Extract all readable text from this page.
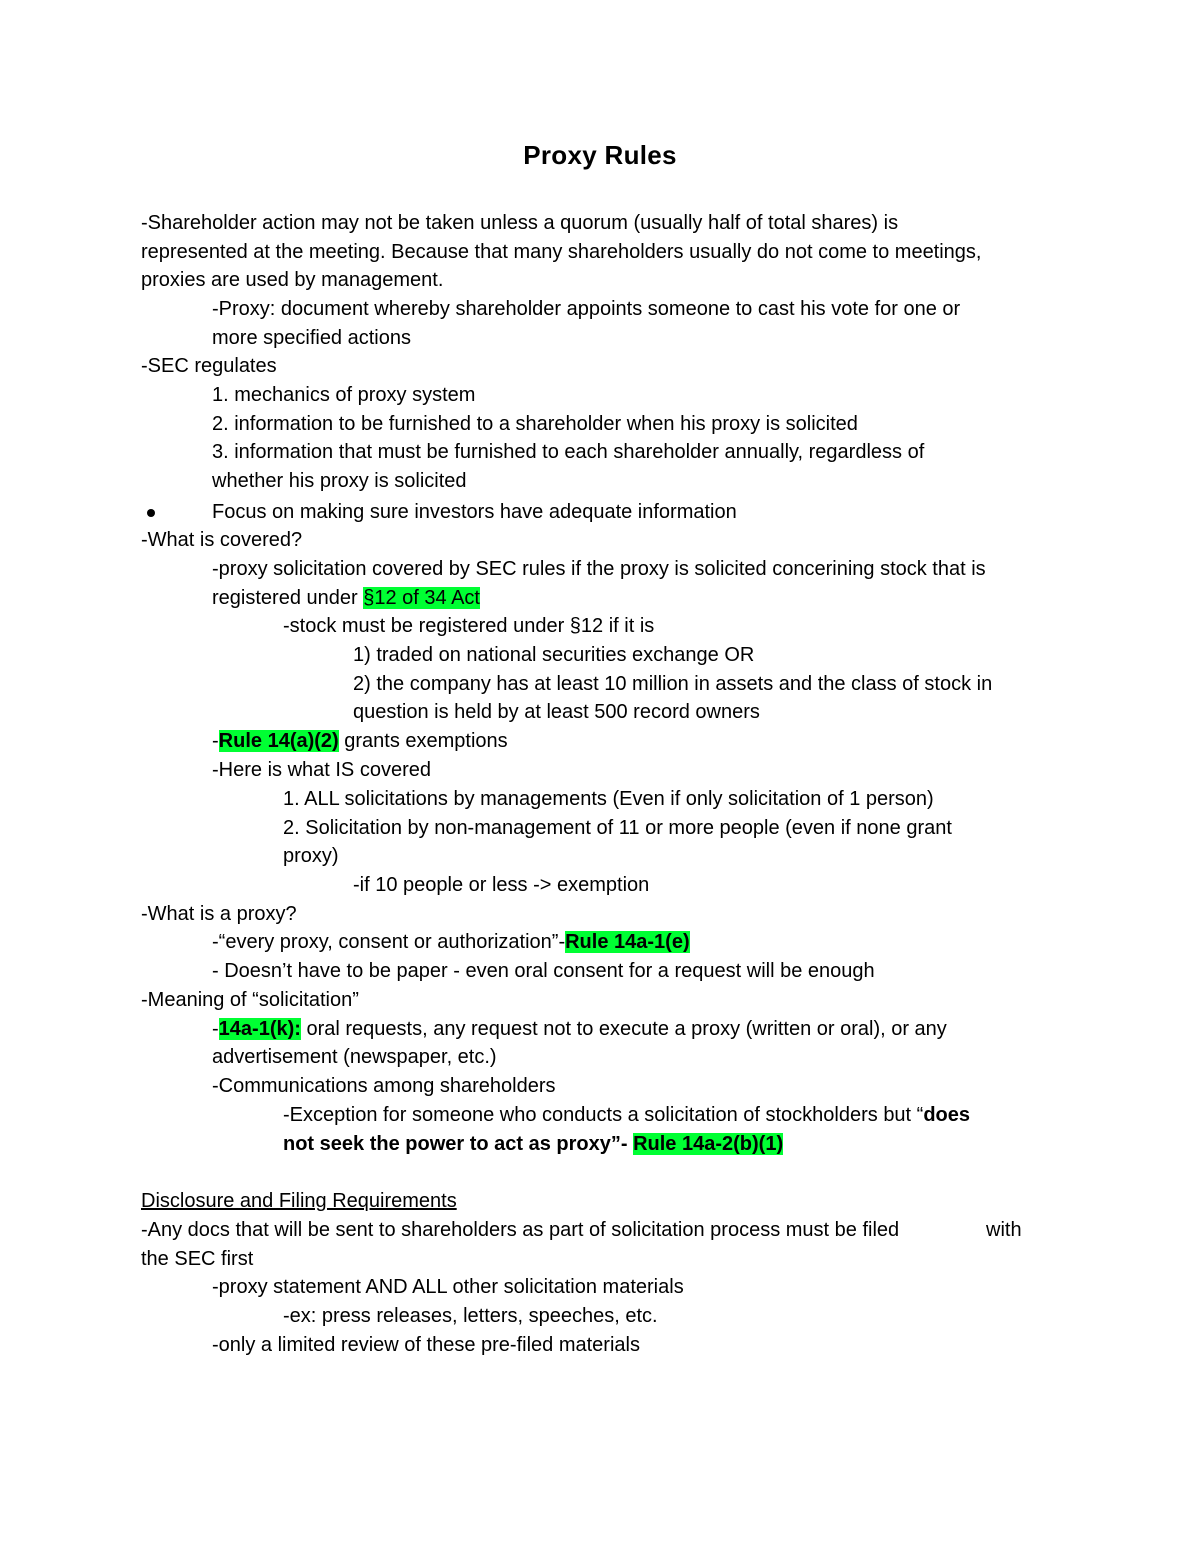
Proxy Rules
-Shareholder action may not be taken unless a quorum (usually half of total shares) is
represented at the meeting. Because that many shareholders usually do not come to meetings,
proxies are used by management.
-Proxy: document whereby shareholder appoints someone to cast his vote for one or
more specified actions
-SEC regulates
1. mechanics of proxy system
2. information to be furnished to a shareholder when his proxy is solicited
3. information that must be furnished to each shareholder annually, regardless of
whether his proxy is solicited
Focus on making sure investors have adequate information
-What is covered?
-proxy solicitation covered by SEC rules if the proxy is solicited concerining stock that is
registered under §12 of 34 Act
-stock must be registered under §12 if it is
1) traded on national securities exchange OR
2) the company has at least 10 million in assets and the class of stock in
question is held by at least 500 record owners
-Rule 14(a)(2) grants exemptions
-Here is what IS covered
1. ALL solicitations by managements (Even if only solicitation of 1 person)
2. Solicitation by non-management of 11 or more people (even if none grant
proxy)
-if 10 people or less -> exemption
-What is a proxy?
-“every proxy, consent or authorization”-Rule 14a-1(e)
- Doesn’t have to be paper - even oral consent for a request will be enough
-Meaning of “solicitation”
-14a-1(k): oral requests, any request not to execute a proxy (written or oral), or any
advertisement (newspaper, etc.)
-Communications among shareholders
-Exception for someone who conducts a solicitation of stockholders but “does
not seek the power to act as proxy”- Rule 14a-2(b)(1)
Disclosure and Filing Requirements
-Any docs that will be sent to shareholders as part of solicitation process must be filed	with
the SEC first
-proxy statement AND ALL other solicitation materials
-ex: press releases, letters, speeches, etc.
-only a limited review of these pre-filed materials
